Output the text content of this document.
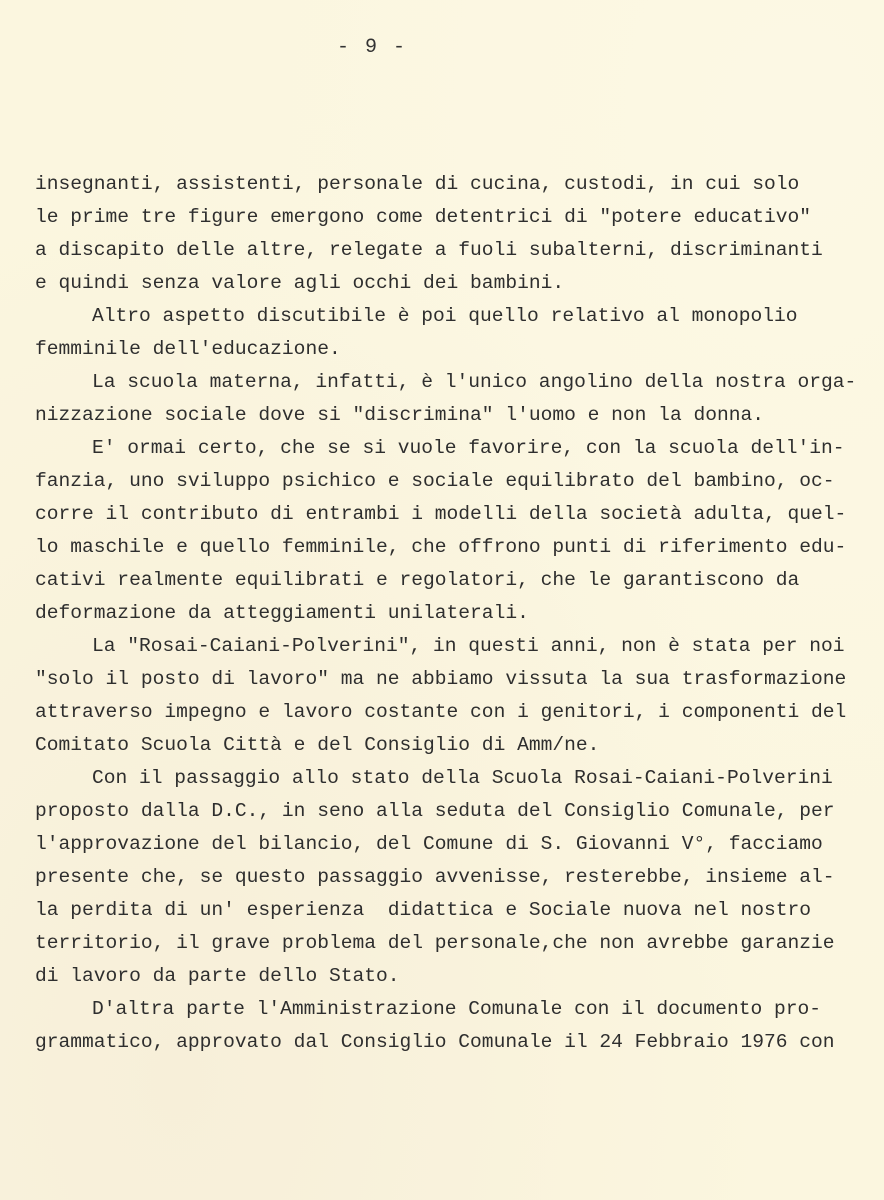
- 9 -
insegnanti, assistenti, personale di cucina, custodi, in cui solo
le prime tre figure emergono come detentrici di "potere educativo"
a discapito delle altre, relegate a fuoli subalterni, discriminanti
e quindi senza valore agli occhi dei bambini.
Altro aspetto discutibile è poi quello relativo al monopolio
femminile dell'educazione.
La scuola materna, infatti, è l'unico angolino della nostra orga-
nizzazione sociale dove si "discrimina" l'uomo e non la donna.
E' ormai certo, che se si vuole favorire, con la scuola dell'in-
fanzia, uno sviluppo psichico e sociale equilibrato del bambino, oc-
corre il contributo di entrambi i modelli della società adulta, quel-
lo maschile e quello femminile, che offrono punti di riferimento edu-
cativi realmente equilibrati e regolatori, che le garantiscono da
deformazione da atteggiamenti unilaterali.
La "Rosai-Caiani-Polverini", in questi anni, non è stata per noi
"solo il posto di lavoro" ma ne abbiamo vissuta la sua trasformazione
attraverso impegno e lavoro costante con i genitori, i componenti del
Comitato Scuola Città e del Consiglio di Amm/ne.
Con il passaggio allo stato della Scuola Rosai-Caiani-Polverini
proposto dalla D.C., in seno alla seduta del Consiglio Comunale, per
l'approvazione del bilancio, del Comune di S. Giovanni V°, facciamo
presente che, se questo passaggio avvenisse, resterebbe, insieme al-
la perdita di un' esperienza  didattica e Sociale nuova nel nostro
territorio, il grave problema del personale,che non avrebbe garanzie
di lavoro da parte dello Stato.
D'altra parte l'Amministrazione Comunale con il documento pro-
grammatico, approvato dal Consiglio Comunale il 24 Febbraio 1976 con
